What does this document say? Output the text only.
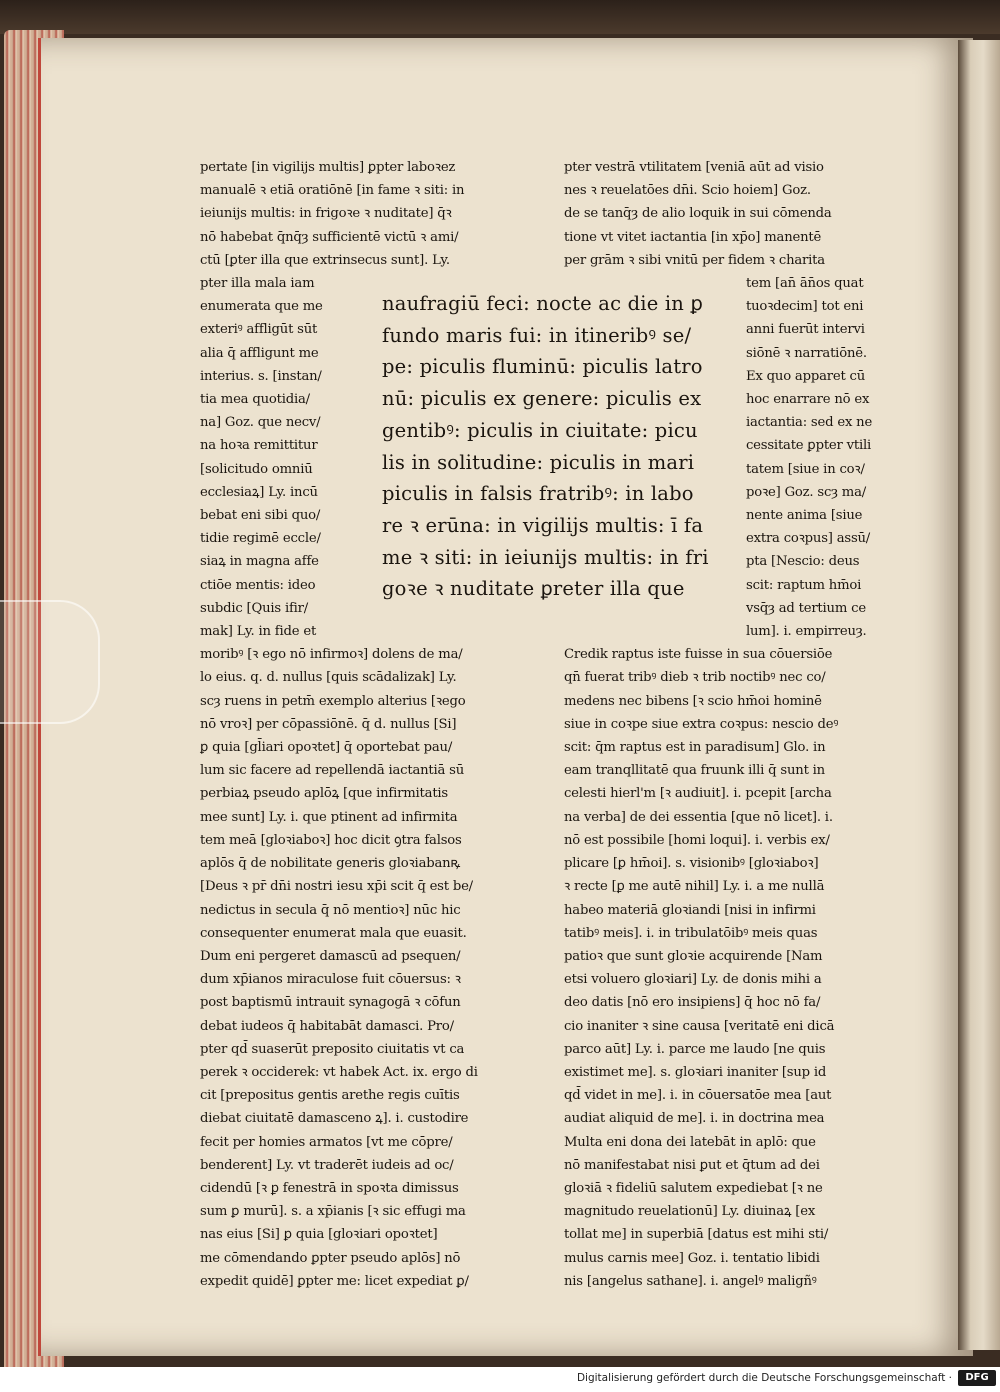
pertate [in vigilijs multis] ꝑpter laboꝛez
manualē ꝛ etiā oratiōnē [in fame ꝛ siti: in
ieiunijs multis: in frigoꝛe ꝛ nuditate] q̄ꝛ
nō habebat q̄nq̄ȝ sufficientē victū ꝛ ami/
ctū [ꝑter illa que extrinsecus sunt]. Ly.
pter illa mala iam
enumerata que me
exteriꝰ affligūt sūt
alia q̄ affligunt me
interius. s. [instan/
tia mea quotidia/
na] Goz. que necv/
na hoꝛa remittitur
[solicitudo omniū
ecclesiaꝝ] Ly. incū
bebat eni sibi quo/
tidie regimē eccle/
siaꝝ in magna affe
ctiōe mentis: ideo
subdic [Quis ifir/
mak] Ly. in fide et
moribꝰ [ꝛ ego nō infirmoꝛ] dolens de ma/
lo eius. q. d. nullus [quis scādalizak] Ly.
scȝ ruens in petm̄ exemplo alterius [ꝛego
nō vroꝛ] per cōpassiōnē. q̄ d. nullus [Si]
ꝑ quia [gl̄iari opoꝛtet] q̄ oportebat pau/
lum sic facere ad repellendā iactantiā sū
perbiaꝝ pseudo aplōꝝ [que infirmitatis
mee sunt] Ly. i. que ptinent ad infirmita
tem meā [gloꝛiaboꝛ] hoc dicit ꝯtra falsos
aplōs q̄ de nobilitate generis gloꝛiabanꝶ
[Deus ꝛ pr̄ dn̄i nostri iesu xp̄i scit q̄ est be/
nedictus in secula q̄ nō mentioꝛ] nūc hic
consequenter enumerat mala que euasit.
Dum eni pergeret damascū ad psequen/
dum xp̄ianos miraculose fuit cōuersus: ꝛ
post baptismū intrauit synagogā ꝛ cōfun
debat iudeos q̄ habitabāt damasci. Pro/
pter qd̄ suaserūt preposito ciuitatis vt ca
perek ꝛ occiderek: vt habek Act. ix. ergo di
cit [prepositus gentis arethe regis cuītis
diebat ciuitatē damasceno ꝝ]. i. custodire
fecit per homies armatos [vt me cōpre/
benderent] Ly. vt traderēt iudeis ad oc/
cidendū [ꝛ ꝑ fenestrā in spoꝛta dimissus
sum ꝑ murū]. s. a xp̄ianis [ꝛ sic effugi ma
nas eius [Si] ꝑ quia [gloꝛiari opoꝛtet]
me cōmendando ꝑpter pseudo aplōs] nō
expedit quidē] ꝑpter me: licet expediat ꝑ/
naufragiū feci: nocte ac die in ꝑ
fundo maris fui: in itineribꝰ se/
pe: piculis fluminū: piculis latro
nū: piculis ex genere: piculis ex
gentibꝰ: piculis in ciuitate: picu
lis in solitudine: piculis in mari
piculis in falsis fratribꝰ: in labo
re ꝛ erūna: in vigilijs multis: ī fa
me ꝛ siti: in ieiunijs multis: in fri
goꝛe ꝛ nuditate ꝑreter illa que
pter vestrā vtilitatem [veniā aūt ad visio
nes ꝛ reuelatōes dn̄i. Scio hoiem] Goz.
de se tanq̄ȝ de alio loquik in sui cōmenda
tione vt vitet iactantia [in xp̄o] manentē
per grām ꝛ sibi vnitū per fidem ꝛ charita
tem [an̄ ān̄os quat
tuoꝛdecim] tot eni
anni fuerūt intervi
siōnē ꝛ narratiōnē.
Ex quo apparet cū
hoc enarrare nō ex
iactantia: sed ex ne
cessitate ꝑpter vtili
tatem [siue in coꝛ/
poꝛe] Goz. scȝ ma/
nente anima [siue
extra coꝛpus] assū/
pta [Nescio: deus
scit: raptum hm̄oi
vsq̄ȝ ad tertium ce
lum]. i. empirreuȝ.
Credik raptus iste fuisse in sua cōuersiōe
qn̄ fuerat tribꝰ dieb ꝛ trib noctibꝰ nec co/
medens nec bibens [ꝛ scio hm̄oi hominē
siue in coꝛpe siue extra coꝛpus: nescio deꝰ
scit: q̄m raptus est in paradisum] Glo. in
eam tranqllitatē qua fruunk illi q̄ sunt in
celesti hierl'm [ꝛ audiuit]. i. pcepit [archa
na verba] de dei essentia [que nō licet]. i.
nō est possibile [homi loqui]. i. verbis ex/
plicare [ꝑ hm̄oi]. s. visionibꝰ [gloꝛiaboꝛ]
ꝛ recte [ꝑ me autē nihil] Ly. i. a me nullā
habeo materiā gloꝛiandi [nisi in infirmi
tatibꝰ meis]. i. in tribulatōibꝰ meis quas
patioꝛ que sunt gloꝛie acquirende [Nam
etsi voluero gloꝛiari] Ly. de donis mihi a
deo datis [nō ero insipiens] q̄ hoc nō fa/
cio inaniter ꝛ sine causa [veritatē eni dicā
parco aūt] Ly. i. parce me laudo [ne quis
existimet me]. s. gloꝛiari inaniter [sup id
qd̄ videt in me]. i. in cōuersatōe mea [aut
audiat aliquid de me]. i. in doctrina mea
Multa eni dona dei latebāt in aplō: que
nō manifestabat nisi ꝑut et q̄tum ad dei
gloꝛiā ꝛ fideliū salutem expediebat [ꝛ ne
magnitudo reuelationū] Ly. diuinaꝝ [ex
tollat me] in superbiā [datus est mihi sti/
mulus carnis mee] Goz. i. tentatio libidi
nis [angelus sathane]. i. angelꝰ maligñꝰ
Digitalisierung gefördert durch die Deutsche Forschungsgemeinschaft ·	DFG
